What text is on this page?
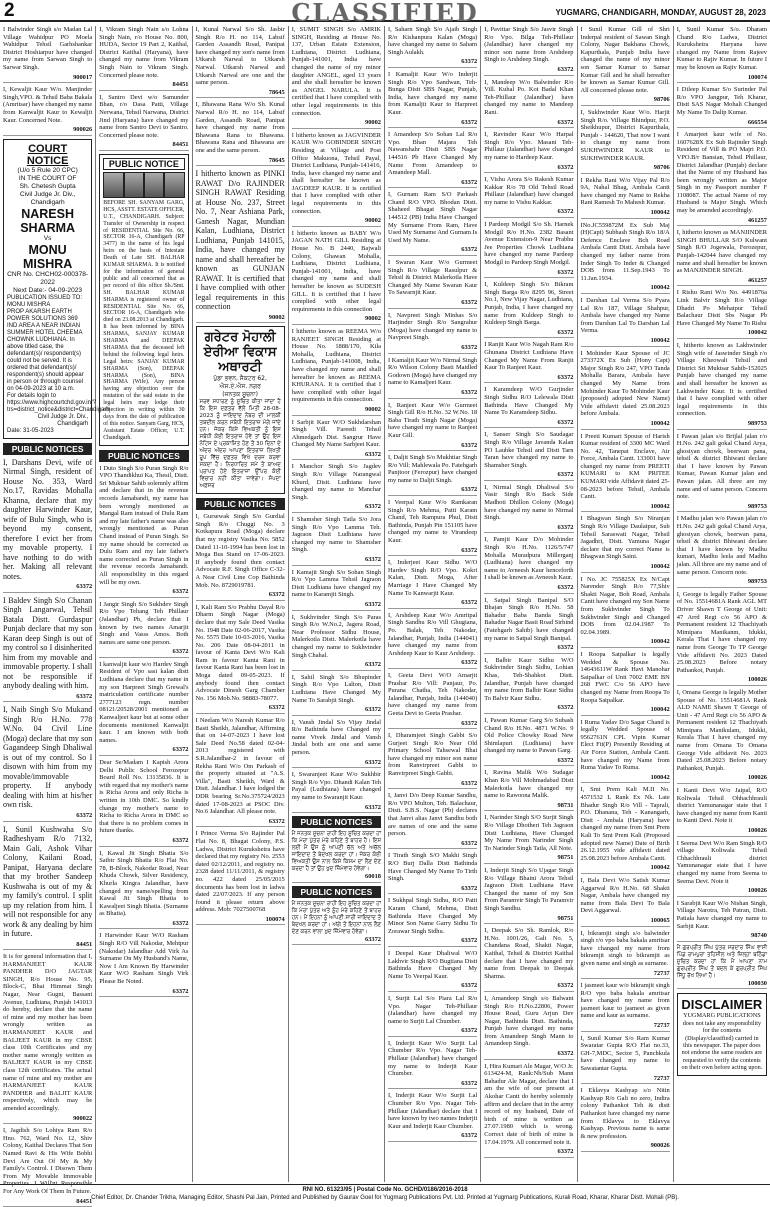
2	CLASSIFIED	YUGMARG, CHANDIGARH, MONDAY, AUGUST 28, 2023
I Balwinder Singh s/o Madan Lal Village Wahidpur PO Moela Wahidpur Tehsil Garhshankar District Hoshiarpur have changed my name from Sarwan Singh to Sarwar Singh.
900017
I, Kewaljit Kaur W/o. Manjinder Singh,VPO. & Tehsil Baba Bakala (Amritsar) have changed my name from Kanwaljit Kaur to Kewaljit Kaur. Concerned Note.
900026
COURT NOTICE
(U/o 5 Rule 20 CPC)
IN THE COURT OF
Sh. Chetesh Gupta
Civil Judge Jr. Div.,
Chandigarh
NARESH SHARMA
Vs
MONU MISHRA
CNR No. CHCH02-000378-2022
Next Date:- 04-09-2023
PUBLICATION ISSUED TO:
MONU MISHRA
PROP AKARSH EARTH POWER SOLUTIONS 369 IND AREA A NEAR INDIAN SUMMER HOTEL CHEEMA CHOWNK LUDHIANA. In above titled case, the defendant(s)/ respondent(s) could not be served. It is ordered that defendant(s)/ respondent(s) should appear in person or through counsel on 04-09-2023 at 10 a.m.
For details login to https://www.highcourtchd.gov.in/?trs=district_notice&district=Chandigarh
Civil Judge Jr. Div., Chandigarh
Date: 31-05-2023
PUBLIC NOTICES
I, Darshans Devi, wife of Nirmal Singh, resident of House No. 353, Ward No.17, Ravidas Mohalla Khanna, declare that my daughter Harwinder Kaur, wife of Bulu Singh, who is beyond my consent, therefore I evict her from my movable property. I have nothing to do with her. Making all relevant notes.
63372
I Baldev Singh S/o Chanan Singh Langarwal, Tehsil Batala Distt. Gurdaspur Punjab declare that my son Karan deep Singh is out of my control so I disinherited him from my movable and immovable property. I shall not be responsible if anybody dealing with him.
63372
I, Naib Singh S/o Mukand Singh R/o H.No. 778 W.No. 04 Civil Line (Moga) declare that my son Gagandeep Singh Dhaliwal is out of my control. So I disown with him from my movable/immovable property. If anybody dealing with him at his/her own risk.
63372
I, Sunil Kushwaha S/o Radheshyam R/o 7132, Main Gali, Ashok Vihar Colony, Kailani Road, Panipat, Haryana declare that my brother Sandeep Kushwaha is out of my & my family's control. I split up my relation from him. I will not responsible for any work & any dealing by him in future.
84451
It is for general information that I, HARMANJEET KAUR PANDHER D/O JAGTAR SINGH, R/o House No. 95, Block-C, Bhai Himmat Singh Nagar, Near Gugni, Bassant Avenue, Ludhiana, Punjab 141013 do hereby, declare that the name of mine and my mother has been wrongly written as HARMANJEET KAUR and BALJEET KAUR in my CBSE class 10th Certificates and my mother name wrongly written as BALJEET KAUR in my CBSE class 12th certificates. The actual name of mine and my mother are HARMANJEET KAUR PANDHER and BALJIT KAUR respectively, which may be amended accordingly.
900022
I, Jagdish S/o Lohiya Ram R/o Hno. 762, Ward No. 12, Shiv Colony, Kaithal Declares That Son Named Ravi & His Wife Bobhi Devi Are Out Of My & My Family's Control. I Disown Them From My Movable Immovable Properties. I Will'nt Responsible For Any Work Of Them In Future.
84451
I, Vikram Singh Nain s/o Lohna Singh Nain, r/o House No. 800, HUDA, Sector 19 Part 2, Kaithal, District Kaithal (Haryana), have changed my name from Vikram Singh Nain to Vikram Singh. Concerned please note.
84451
I, Santro Devi w/o Samunder Bhan, r/o Dasa Patti, Village Nerwana, Tehsil Narwana, District Jind (Haryana) have changed my name from Santro Devi to Santro. Concerned please note.
84451
PUBLIC NOTICE
BEFORE SH. SANYAM GARG, HCS, ASSTT. ESTATE OFFICER, U.T., CHANDIGARH. Subject: Transfer of Ownership in respect of RESIDENTIAL Site No. 66, SECTOR 16-A, Chandigarh (RP 3477) in the name of his legal heirs on the basis of Intestate Death of Late SH. BALHAR KUMAR SHARMA. It is notified for the information of general public and all concerned that as per record of this office Sh./Smt. SH. BALHAR KUMAR SHARMA is registered owner of RESIDENTIAL Site No. 66, SECTOR 16-A, Chandigarh who died on 23.08.2013 at Chandigarh. It has been informed by BINA SHARMA, SANJAY KUMAR SHARMA and DEEPAK SHARMA that the deceased left behind the following legal heirs. Legal heirs: SANJAY KUMAR SHARMA (Son), DEEPAK SHARMA (Son), BINA SHARMA (Wife). Any person having any objection over the mutation of the said estate in the legal heirs may lodge their objection in writing within 30 days from the date of publication of this notice. Sanyam Garg, HCS, Assistant Estate Officer, U.T. Chandigarh.
PUBLIC NOTICES
I Duto Singh S/o Puran Singh R/o VPO Thandikhui Ka, Thesil, Distt. Sri Muktsar Sahib solemnly affirm and declare that in the revenue records Jamabandi, my name has been wrongly mentioned as Mangal Ram instead of Dulu Ram and my late father's name was also wrongly mentioned as Puran Chand instead of Puran Singh. So my name should be corrected as Dulu Ram and my late father's name corrected as Puran Singh in the revenue records Jamabandi. All responsibility in this regard will be my own.
63372
I Jangir Singh S/o Sukhdev Singh R/o Vpo Tehang Teh Phillaur (Jalandhar) Pb, declare that I known by two names Amarjit Singh and Vasss Amos. Both names are same one person.
63372
I kanwaljit kaur w/o Hardev Singh Resident of Vpo sasi kalan distt Ludhiana declare that my name in my son Harpreet Singh Grewal's matriculation certificate number 2777123 regn. number 08121/20528/2001 mentioned as Kanwaljeet kaur but at some other documents mentioned Kanwaljit kaur. I am known with both names.
63372
Dear Se/Madam I Kapish Arora Delhi Public School Ferozepur Board Roll No. 13135836. It is with regard that my mother's name is Richa Arora and only Richa is written in 10th DMC. So kindly change my mother's name to Richa to Richa Arora in DMC so that there is no problem comes in future thanks.
63372
I, Kawal Jit Singh Bhatia S/o Satbir Singh Bhatia R/o Flat No. 78, B-Block, Nakodar Road, Near Khuda Chowk, Silver Residency, Khurla Kingra Jalandhar, have changed my name/spelling from Kawal Jit Singh Bhatia to Kawaljeet Singh Bhatia. (Surname as Bhatia).
63372
I Harwinder Kaur W/O Rasham Singh R/O Vill Nakodar, Mehtpur (Nakodar) Jalandhar Add Virk As Surname On My Husband's Name, Now I Am Known By Harwinder Kaur W/O Rasham Singh Virk Please Be Noted.
63372
I, Kunal Narwal S/o Sh. Jasbir Singh R/o H. no 114, Labsif Garden Assandh Road, Panipat have changed my son's name from Utkarsh Narwal to Utkarsh Narwal. Utkarsh Narwal and Utkarsh Narwal are one and the same person.
78645
I, Bhawana Rana W/o Sh. Kunal Narwal R/o H. no 114, Labsif Garden, Assandh Road, Panipat have changed my name from Bhawana Rana to Bhawana. Bhawana Rana and Bhawana are one and the same person.
78645
I hitherto known as PINKI RAWAT D/o RAJINDER SINGH RAWAT Residing at House No. 237, Street No. 7, Near Ashiana Park, Ganesh Nagar, Mundian Kalan, Ludhiana, District Ludhiana, Punjab 141015, India, have changed my name and shall hereafter be known as GUNJAN RAWAT. It is certified that I have complied with other legal requirements in this connection
90002
ਗਰੇਟਰ ਮੋਹਾਲੀ ਏਰੀਆ ਵਿਕਾਸ ਅਥਾਰਟੀ
ਪੁੱਡਾ ਭਵਨ, ਸੈਕਟਰ 62, ਐਸ.ਏ.ਐਸ. ਨਗਰ
(ਜਨਤਕ ਸੂਚਨਾ)
ਸਰਵ ਸਧਾਰਣ ਨੂੰ ਸੂਚਿਤ ਕੀਤਾ ਜਾਂਦਾ ਹੈ ਕਿ ਇਸ ਦਫ਼ਤਰ ਵੱਲੋਂ ਮਿਤੀ 28-08-2023 ਨੂੰ ਜਾਇਦਾਦ ਨੰਬਰ ਦੀ ਮਾਲਕੀ ਤਬਦੀਲ ਕਰਨ ਸਬੰਧੀ ਇਤਰਾਜ਼ ਮੰਗੇ ਜਾਂਦੇ ਹਨ। ਜੇਕਰ ਕਿਸੇ ਵਿਅਕਤੀ ਨੂੰ ਇਸ ਸਬੰਧੀ ਕੋਈ ਇਤਰਾਜ਼ ਹੋਵੇ ਤਾਂ ਉਹ ਇਸ ਨੋਟਿਸ ਦੇ ਪ੍ਰਕਾਸ਼ਿਤ ਹੋਣ ਤੋਂ 30 ਦਿਨਾਂ ਦੇ ਅੰਦਰ ਅੰਦਰ ਆਪਣਾ ਇਤਰਾਜ਼ ਲਿਖਤੀ ਰੂਪ ਵਿੱਚ ਦਫ਼ਤਰ ਵਿਖੇ ਦਰਜ ਕਰਵਾ ਸਕਦਾ ਹੈ। ਨਿਰਧਾਰਿਤ ਸਮੇਂ ਤੋਂ ਬਾਅਦ ਪ੍ਰਾਪਤ ਹੋਏ ਇਤਰਾਜ਼ਾਂ ਉੱਪਰ ਕੋਈ ਵਿਚਾਰ ਨਹੀਂ ਕੀਤਾ ਜਾਵੇਗਾ। ਸੰਪਦਾ ਅਫ਼ਸਰ
PUBLIC NOTICES
I, Gursewak Singh S/o Gurdial Singh R/o Chuggi No. 3 Kotkapura Road (Moga) declare that my registry Vasika No. 5852 Dated 11-10-1994 has been lost in Moga Bus Stand on 17-06-2023. If anybody found then contact Advocate R.F. Singh Office C-32-A Near Civil Line Cop Bathinda Mob. No. 8729019781.
63372
I, Kali Ram S/o Prabhu Dayal R/o Dharm Singh Nagar (Moga) declare that my Sale Deed Vasika No. 1948 Date 02-06-2017, Vasika No. 5575 Date 10-03-2016, Vasika No. 206 Date 08-04-2011 in favour of Kanta Devi W/o Kali Ram in favour Kanta Rani in favour Kanta Rani has been lost in Moga dated 09-05-2023. If anybody found then contact Advocate Dinesh Garg Chamber No. 156 Mob.No. 98883-78077.
63372
I Neelam W/o Naresh Kumar R/o Basti Sheikh, Jalandhar, Affirming that on 14-07-2023 I have lost Sale Deed No.58 dated 02-04-2013 registered with S.R.Jalandhar-2 in favour of Rekha Rani W/o Om Parkash of the property situated at "A.S. Villa", Basti Sheikh, Ward & Distt. Jalandhar. I have lodged the DDR bearing Sr.No.375724/2023 dated 17-08-2023 at PSOC Div. No.6 Jalandhar. All please note.
63372
I Prince Verma S/o Rajinder Pal Flat No. 8, Bhagat Colony, P.S. Ladwa, District Kurukshetra have declared that my registry No. 2553 dated 02/12/2011, and registry no. 2328 dated 11/11/2011, & registry no. 422 dated 25/05/2015 documents has been lost in ladwa dated 22/07/2023. If any person found it please return above address. Mob: 7027500768
100074
I, SUMIT SINGH S/o AMRIK SINGH, Residing at House No. 137, Urban Estate Extension, Ludhiana, District Ludhiana, Punjab-141001, India have changed the name of my minor daughter ANGEL, aged 13 years and she shall hereafter be known as ANGEL NARULA. It is certified that I have complied with other legal requirements in this connection.
90002
I hitherto known as JAGVINDER KAUR W/o GOBINDER SINGH Residing at Village and Post Office Makuona, Tehsil Payal, District Ludhiana, Punjab-141416, India, have changed my name and shall hereafter be known as JAGDEEP KAUR. It is certified that I have complied with other legal requirements in this connection.
90002
I hitherto known as BABY W/o JAGAN NATH GILL Residing at House No. B 2440, Bajwali Colony, Ghawan Mohalla, Ludhiana, District Ludhiana, Punjab-141001, India, have changed my name and shall hereafter be known as SUDESH GILL. It is certified that I have complied with other legal requirements in this connection
90002
I hitherto known as REEMA W/o RANJEET SINGH Residing at House No. 1888/170, Kila Mohalla, Ludhiana, District Ludhiana, Punjab-141008, India, have changed my name and shall hereafter be known as REEMA KHURANA. It is certified that I have complied with other legal requirements in this connection.
90002
I Sarbjit Kaur W/O Sukhdarshan Singh Vill. Fareedi Tehsil Ahmedgarh Dist. Sangrur Have Changed My Name Sarbjeet Kaur.
63372
I Manchor Singh S/o Jagdev Singh R/o Village Narangwal Khurd, Distt. Ludhiana have changed my name to Manchar Singh.
63372
I Shamsher Singh Tatla S/o Jora Singh R/o Vpo Lamma Teh. Jagraon Distt Ludhiana have changed my name to Shamsher Singh.
63372
I Kamajit Singh S/o Sohan Singh R/o Vpo Lamma Tehsil Jagraon Distt Ludhiana have changed my name to Karamjit Singh.
63372
I, Sukhvinder Singh S/o Paras Singh R/o W.No.2, Jagera Road, Near Professor Sidhu House, Malerkotla Distt. Malerkotla have changed my name to Sukhvinder Singh Chahal.
63372
I, Sahil Singh S/o Bhupinder Singh R/o Vpo Lalton, Distt Ludhiana Have Changed My Name To Sarabjit Singh.
63372
I, Vansh Jindal S/o Vijay Jindal R/o Bathinda have Changed my name Vivek Jindal and Vansh Jindal both are one and same person.
63372
I, Swaranjeet Kaur W/o Sukhbir Singh R/o Vpo. Dhandi Kalan Teh Payal (Ludhiana) have changed my name to Swaranjit Kaur.
63372
PUBLIC NOTICES
ਮੈਂ ਜਨਤਕ ਸੂਚਨਾ ਰਾਹੀਂ ਇਹ ਸੂਚਿਤ ਕਰਦਾ ਹਾਂ ਕਿ ਮੇਰਾ ਪੁੱਤਰ ਮੇਰੇ ਕਹਿਣੇ ਤੋਂ ਬਾਹਰ ਹੈ। ਇਸ ਲਈ ਮੈਂ ਉਸ ਨੂੰ ਆਪਣੀ ਚੱਲ ਅਤੇ ਅਚੱਲ ਜਾਇਦਾਦ ਤੋਂ ਬੇਦਖਲ ਕਰਦਾ ਹਾਂ। ਜੇਕਰ ਕੋਈ ਵਿਅਕਤੀ ਉਸ ਨਾਲ ਕਿਸੇ ਕਿਸਮ ਦਾ ਲੈਣ ਦੇਣ ਕਰਦਾ ਹੈ ਤਾਂ ਉਹ ਖੁਦ ਜ਼ਿੰਮੇਵਾਰ ਹੋਵੇਗਾ।
60018
PUBLIC NOTICES
ਮੈਂ ਜਨਤਕ ਸੂਚਨਾ ਰਾਹੀਂ ਇਹ ਸੂਚਿਤ ਕਰਦਾ ਹਾਂ ਕਿ ਮੇਰਾ ਪੁੱਤਰ ਅਤੇ ਨੂੰਹ ਮੇਰੇ ਕਹਿਣੇ ਤੋਂ ਬਾਹਰ ਹਨ। ਮੈਂ ਇਹਨਾਂ ਨੂੰ ਆਪਣੀ ਸਾਰੀ ਜਾਇਦਾਦ ਤੋਂ ਬੇਦਖਲ ਕਰਦਾ ਹਾਂ। ਅੱਗੇ ਤੋਂ ਇਹਨਾਂ ਨਾਲ ਲੈਣ ਦੇਣ ਕਰਨ ਵਾਲਾ ਖੁਦ ਜ਼ਿੰਮੇਵਾਰ ਹੋਵੇਗਾ।
63372
I, Saharn Singh S/o Ajaib Singh R/o Kishanpura Kalan (Moga) have changed my name to Saharn Singh Aulakh.
63372
I Kamaljit Kaur W/o Inderjit Singh R/o Vpo Sandwan, Teh-Bunga Distt SBS Nagar, Punjab, India, have changed my name from Kamaljit Kaur to Harpreet Kaur.
63372
I Amandeep S/o Sohan Lal R/o Vpo. Bhan Majara Teh Nawanshahr Distt SBS Nagar 144516 Pb Have Changed My Name From Amandeep to Amandeep Mall.
63372
I, Gurnam Ram S/O Parkash Chand R/O VPO. Bhodan Distt. Shaheed Bhagat Singh Nagar 144512 (PB) India Have Changed My Surname From Ram, Have Used My Surname And Gurnam Is Used My Name.
63372
I Swaran Kaur W/o Gurmeet Singh R/o Village Rasulpur & Tehsil & District Malerkotla Have Changed My Name Swaran Kaur To Sawarnjit Kaur.
63372
I, Navpreet Singh Minhas S/o Harjinder Singh R/o Sangrahur (Moga) have changed my name to Navpreet Singh.
63372
I Kamaljit Kaur W/o Nirmal Singh R/o Wilson Colony Basti Maidled Godown (Moga) have changed my name to Kamaljeet Kaur.
63372
I, Ranjeet Kaur W/o Gurmeet Singh Gill R/o H.No. 32 W.No. 18 Baba Tirath Singh Nagar (Moga) have changed my name to Ranjeet Kaur Gill.
63372
I, Daljit Singh S/o Mukhtiar Singh R/o Vill: Mahlewala Po. Fatehgarh Panjtoor (Ferozpur) have changed my name to Daljit Singh.
63372
I Veerpal Kaur W/o Ramkaran Singh R/o Mehma, Patti Karam Chand, Teh Rampura Phul, Distt Bathinda, Punjab Pin 151105 have changed my name to Virandeep Kaur.
63372
I, Inderjeet Kaur Sidhu W/O Hardev Singh R/O Vpo. Kokri Kalan, Distt. Moga, After Marriage I Have Changed My Name To Kanwarjit Kaur.
63372
I, Arshdeep Kaur W/o Amritpal Singh Sandhu R/o Vill Ghugiana, Po. Balak, Teh Nakodar, Jalandhar, Punjab, India (144041) have changed my name from Arshdeep Kaur to Kaur Arshdeep.
63372
I, Geeta Devi W/O Amarjit Prashar R/o Vill: Panjaur, Po. Purana Chatha, Teh Nakodar, Jalandhar, Punjab, India (144040) have changed my name from Geeta Devi to Geeta Prashar.
63372
I, Dharamjeet Singh Gabbi S/o Gurjeet Singh R/o Near Old Primary School Tahsewal Bhai have changed my minor son name from Ranvirpreet Gabbi to Ranvirpreet Singh Gabbi.
63372
I, Janvi D/o Deep Kumar Sandhu, R/o VPO Multon, Teh. Balachaur, Distt. S.B.S. Nagar (Pb) declares that Janvi alias Janvi Sandhu both are names of one and the same person.
63372
I Tirath Singh S/O Makhi Singh R/O Burj Dalla Distt Bathinda Have Changed My Name To Tirth Singh.
63372
I Sukhpal Singh Sidhu, R/O Patti Karam Chand, Mehma, Distt Bathinda Have Changed My Minor Son Name Garry Sidhu To Zorawar Singh Sidhu.
63372
I Deepal Kaur Dhaliwal W/O Lakhvir Singh R/O Bugtiana Distt Bathinda Have Changed My Name To Veerpal Kaur.
63372
I, Surjit Lal S/o Piara Lal R/o Vpo. Nagar Teh-Phillaur (Jalandhar) have changed my name to Surjit Lal Chumber.
63372
I, Inderjit Kaur W/o Surjit Lal Chumber R/o Vpo. Nagar Teh-Phillaur (Jalandhar) have changed my name to Inderjit Kaur Chumber.
63372
I, Inderjit Kaur W/o Surjit Lal Chumber R/o Vpo. Nagar Teh-Phillaur (Jalandhar) declare that I have known by two names Inderjit Kaur and Inderjit Kaur Chumber.
63372
I, Pavittar Singh S/o Jasvir Singh R/o Vpo. Bilga Teh-Phillaur (Jalandhar) have changed my minor son name from Arshdeep Singh to Arshdeep Singh.
63372
I, Mandeep W/o Balwinder R/o Vill. Kuhal Po. Kot Badal Khan Teh-Phillaur (Jalandhar) have changed my name to Mandeep Rani.
63372
I, Ravinder Kaur W/o Harpal Singh R/o Vpo. Masani Teh-Phillaur (Jalandhar) have changed my name to Hardeep Kaur.
63372
I, Vishu Arora S/o Rakesh Kumar Kakkar R/o 78 Old Tehsil Road Phillaur (Jalandhar) have changed my name to Vishu Kakkar.
63372
I Pardeep Modgil S/o Sh. Harnek Modgil R/o H.No. 2382 Basant Avenue Extension-9 Near Prabhu Jee Properties Chowk Ludhiana have changed my name Pardeep Modgil to Pardeep Singh Modgil.
63372
I, Kuldeep Singh S/o Bikram Singh Barga R/o 8295 96, Street No.1, New Vijay Nagar, Ludhiana, Punjab, India, I have changed my name from Kuldeep Singh to Kuldeep Singh Barga.
63372
I Ranjit Kaur W/o Nagah Ram R/o Ghunana District Ludhiana Have Changed My Name From Ranjit Kaur To Ranjeet Kaur.
63372
I Karamdeep W/O Gurjinder Singh Sidhu R/O Lelewala Distt Bathinda Have Changed My Name To Karamdeep Sidhu.
63372
I, Sanser Singh S/o Saudagar Singh R/o Village Javanda Kalan PO Lauhke Tehsil and Distt Tarn Taran have changed my name to Shamsher Singh.
63372
I, Nirmal Singh Dhaliwal S/o Vasir Singh R/o Back Side Madhoti Dhillon Colony (Moga) have changed my name to Nirmal Singh.
63372
I, Pamjit Kaur D/o Mohinder Singh R/o H.No. 1126/5/747 Mohalla Muradpura Millerganj (Ludhiana) have changed my name to Avneesh Kaur henceforth I shall be known as Avneesh Kaur.
63372
I, Satpal Singh Banipal S/O Bhajan Singh R/o H.No. 58 Bahadur Baba Banda Singh Bahadur Nagar Basti Road Sirhind (Fatehgarh Sahib) have changed my name to Satpal Singh Banipal.
63372
I, Balbir Kaur Sidhu W/O Sukhvinder Singh Sidhu, Lohian Khas, Teh-Shahkot Distt. Jalandhar, Punjab have changed my name from Balbir Kaur Sidhu To Balvir Kaur Sidhu.
63372
I, Pawan Kumar Garg S/o Subash Chand R/o H.No. 4871 W.No. 9 Old Police Chowky Road New Shimlapuri (Ludhiana) have changed my name to Pawan Garg.
63372
I, Ravina Malik W/o Sudagar Khan R/o Vill Mohmadabad Distt Malerkotla have changed my name to Rawoona Malik.
98731
I, Narinder Singh S/O Surjit Singh R/o Village Dhotheri Teh Jagraon Distt Ludhiana, Have Changed My Name From Narinder Singh To Narinder Singh Tatla, All Note.
98751
I, Inderjit Singh S/o Ujagar Singh R/o Village Bhaini Arora Tehsil Jagraon Distt Ludhiana Have Changed the name of my Son From Paramvir Singh To Paramvir Singh Sandhu.
98751
I, Deepak S/o Sh. Ramlok, R/o H.No. 1001/26, Gali No. 5, Chandana Road, Shakti Nagar, Kaithal, Tehsil & District Kaithal declare that I have changed my name from Deepak to Deepak Sharma.
63372
I, Amandeep Singh s/o Balwant Singh R/o H.No.22806, Power House Road, Guru Arjun Dev Nagar, Bathinda Distt. Bathinda, Punjab have changed my name from Amandeep Singh Mann to Amandeep Singh.
63372
I, Hira Kumari Ale Magar, W/O Jr. 613424-M, Rank:Nb/Sub Mann Bahadur Ale Magar, declare that I am the wife of our present at Akohar Cantt do hereby solemnly affirm and declare that in the army record of my husband, Date of birth of mine is written as 27.07.1980 which is wrong. Correct date of birth of mine is 17.04.1979. All concerned note it.
63372
I Sunil Kumar Gill of Shri Inderpal resident of Sawan Singh Colony, Nagar Bakhana Chowk, Kapurthala, Punjab India have changed the name of my minor son Samar Kumar to Samar Kumar Gill and he shall hereafter be known as Samar Kumar Gill. All concerned please note.
98706
I, Sukhwinder Kaur W/o. Harjit Singh R/o. Village Bhindpur, P.O. Sheikhupur, District Kapurthala, Punjab - 144620, That now I want to change my name from SUKHWINDER KAUR to SUKHWINDER KAUR.
98706
I Rekha Rani W/o Vijay Pal R/o 9A, Nahal Bhag, Ambala Cantt have changed my Name to Rekha Rani Ramesh To Mahesh Kumar.
100042
INo.JC559872M Ex Sub Maj (H)Capt) Subhash Singh R/o 18/A Defence Enclave Bch Road Ambala Cantt Distt. Ambala have changed my father name from Inder Singh To Inder & Changed DOB from 11.Sep.1943 To 11.Jan.1934.
100042
I Darshan Lal Verma S/o Pyara Lal R/o 187, Village Shahpur, Ambala have changed my Name from Darshan Lal To Darshan Lal Verma.
100042
I Mohinder Kaur Spouse of JC 273372X Ex Sub (Hony Capt) Major Singh R/o 247, VPO Tanda Mohalla Barara, Ambala have changed My Name from Mohinder Kaur To Mohinder Kaur (proposed) adopted New Name) Vide affidavit dated 25.08.2023 before Ambala.
100042
I Preeti Kumari Spouse of Harish Kumar resident of 3300 MC Ward No. 42, Tanepat Enclave, Air Force, Ambala Cantt. 133001 have changed my name from PREETI KUMARI to KM PRITEE KUMARI vide Affidavit dated 25-08-2023 before Tehsil, Ambala Cantt.
100042
I Bhagwan Singh S/o Niranjan Singh R/o Village Daulatpur, Sub Tehsil Saraswati Nagar, Tehsil Jagadhri, Distt. Yamuna Nagar declare that my correct Name is Bhagwan Singh Saini.
100042
I No. JC 755825X Ex N/Capt Narender Singh R/o 77,Shiv Shakti Nagar, Boh Road, Ambala Cantt have changed my Son Name from Sukhvinder Singh To Sukhvinder Singh and Changed DOB from 02.04.1987 To 02.04.1989.
100042
I Roopa Satpalkar is legally Wedded & Spouse No. 14643611W Rank Havi Manohar Satpalkar of Unit 7002 EME BN 268 FWC C/o 56 APO have changed my Name from Roopa To Roopa Satpalkar.
100042
I Ruma Yadav D/o Sagar Chand is legally Wedded Spouse of 9562761N CPL Vipin Kumar Elect Fit(P) Presently Residing at Air Force Station, Ambala Cantt. have changed my Name from Ruma Yadav To Ruma.
100042
I, Smt Prem Kali M.II No. 4571532 L Rank Ex Nk. Late Bhadur Singh R/o Vill - Taprali, P.O. Dhanana, Teh - Kanangarh, Distt - Ambala (Haryana) have changed my name from Smt Prem Kali To Smt Prem Kali (Proposed adopted new Name) Date of Birth 26.12.1955 vide affidavit dated 25.08.2023 before Ambala Cantt.
100042
I, Bala Devi W/o Satish Kumar Aggarwal R/o H.No. 68 Shakti Nagar, Ambala have changed my name from Bala Devi To Bala Devi Aggarwal.
100065
I, bikramjit singh s/o balwinder singh r/o vpo baba bakala amritsar have changed my name from bikramjit singh to bikramjit as given name and singh as surname.
72737
I jasmeet kaur w/o bikramjit singh R/O vpo baba bakala amritsar have changed my name from jasmeet kaur to jasmeet as given name and kaur as surname.
72737
I, Sunil Kumar S/o Ram Kumar Swaratar Gupta R/O Flat no.33, GH-7,MDC, Sector 5, Panchkula have changed my name to Sawatantar Gupta.
72737
I Eklavya Kashyap s/o Nitin Kashyap R/o Gali no zero, Indira colony Pathankot Teh & distt Pathankot have changed my name from Eklavya to Eklavya Kashyap. Previous name is same & new profession.
900026
I, Sunil Kumar S/o. Dharam Chand R/o Ladwa, District Kurukshetra Haryana have changed my Name from Rajeev Kumar to Rajiv Kumar. In future I may be known as Rajiv Kumar.
100074
I Dileep Kumar S/o Surinder Pal R/o VPO Jangpur, Teh Kharar, Distt SAS Nagar Mohali Changed My Name To Dalip Kumar.
666554
I Amarjeet kaur wife of No. 1607628X Ex Sub Rajinder Singh Resident of Vill & PO Majri P.O. VPO.B/r Bansian, Tehsil Phillaur, District Jalandhar (Punjab) declare that the Name of my Husband has been wrongly written as Major Singh in my Passport number F 1108087. The actual Name of my Husband is Major Singh. Which may be amended accordingly.
461257
I, hitherto known as MANJINDER SINGH BHULLAR S/O Kulwant Singh R/O Jogewala, Ferozepur, Punjab-142044 have changed my name and shall hereafter be known as MANJINDER SINGH.
461257
I Rishu Rani W/o No. 4491876a Link Balvir Singh R/o Village Dhadri Po Mehatpur Tehsil Balachaur Distt Sbs Nagar Pb Have Changed My Name To Rishu
100042
I, hitherto known as Lakhwinder Singh wife of Jaswinder Singh r/o Village Kheowali Tehsil and District Sri Muktsar Sahib-152025 Punjab have changed my name and shall hereafter be known as Lakhwinder Kaur. It is certified that I have complied with other legal requirements in this connection.
989753
I Pawan jalan s/o Brijlal jalan r/o H.No. 242 gali gokal Chand Arya, ghosiyan chowk, beerwan pana, tehsil & district Bhiwani declare that I have known by Pawan Kumar, Pawan Kumar jalan and Pawan jalan. All three are my name and of same person. Concern note.
989753
I Madhu jalan w/o Pawan jalan r/o H.No. 242 gali gokal Chand Arya, ghosiyan chowk, beerwan pana, tehsil & district Bhiwani declare that I have known by Madhu kumari, Madhu leela and Madhu jalan. All three are my name and of same person. Concern note.
989753
I, George is legally Father Spouse of No. 15514681A Rank AGL MT Driver Shawn T George of Unit: 47 Arrd Regt c/o 56 APO & Permanent resident 12 Thachiyath Mimipara Manikanm, Idukki, Kerala That I have changed my name from George To TP George Vide affidavit No. 2023 Dated 25.08.2023 Before notary Pathankot, Punjab.
100026
I, Omana George is legally Mother Spouse of No. 15514681A Rank ALD NAME Shawn T George of Unit - 47 Arrd Regt c/o 56 APO & Permanent resident 12 Thachiyath Mimipara Manikulam, Idukki, Kerala That I have changed my name from Omana To Omana George Vide affidavit No. 2023 Dated 25.08.2023 Before notary Pathankot, Punjab.
100026
I Kanti Devi W/o Jaipal, R/O Koliwala Tehsil Ohhachhrauli district Yamunanagar state that I have changed my name from Kanti to Kanti Devi. Note it
100026
I Seema Devi W/o Ram Singh R/O village Koliwala Tehsil Chhachhrauli district Yamunanagar state that I have changed my name from Seema to Seema Devi. Note it
100026
I Sarabjit Kaur W/o Nishan Singh, Village Narotra, Teh Patran, Distt. Patiala have changed my name to Sarbjit Kaur.
98740
ਮੈਂ ਗੁਰਪ੍ਰੀਤ ਸਿੰਘ ਪੁੱਤਰ ਸਰਦਾਰ ਸਿੰਘ ਵਾਸੀ ਪਿੰਡ ਰਾਮਪੁਰਾ ਤਹਿਸੀਲ ਅਤੇ ਜ਼ਿਲ੍ਹਾ ਬਠਿੰਡਾ ਸੂਚਿਤ ਕਰਦਾ ਹਾਂ ਕਿ ਮੈਂ ਆਪਣਾ ਨਾਮ ਗੁਰਪ੍ਰੀਤ ਸਿੰਘ ਤੋਂ ਬਦਲ ਕੇ ਗੁਰਪ੍ਰੀਤ ਸਿੰਘ ਸਿੱਧੂ ਰੱਖ ਲਿਆ ਹੈ।
100030
DISCLAIMER
YUGMARG PUBLICATIONS does not take any responsibility for the contents (Display/classified) carried in this newspaper. The paper does not endorse the same readers are requested to verify the contents on their own before acting upon.
RNI NO. 61323/95 | Postal Code No. GCHD/0186/2016-2018
Chief Editor, Dr. Chander Trikha, Managing Editor, Shashi Pal Jain, Printed and Published by Gaurav Goel for Yugmarg Publications Pvt. Ltd. Printed at Yugmarg Publications, Kurali Road, Kharar, Kharar Distt. Mohali (PB).
